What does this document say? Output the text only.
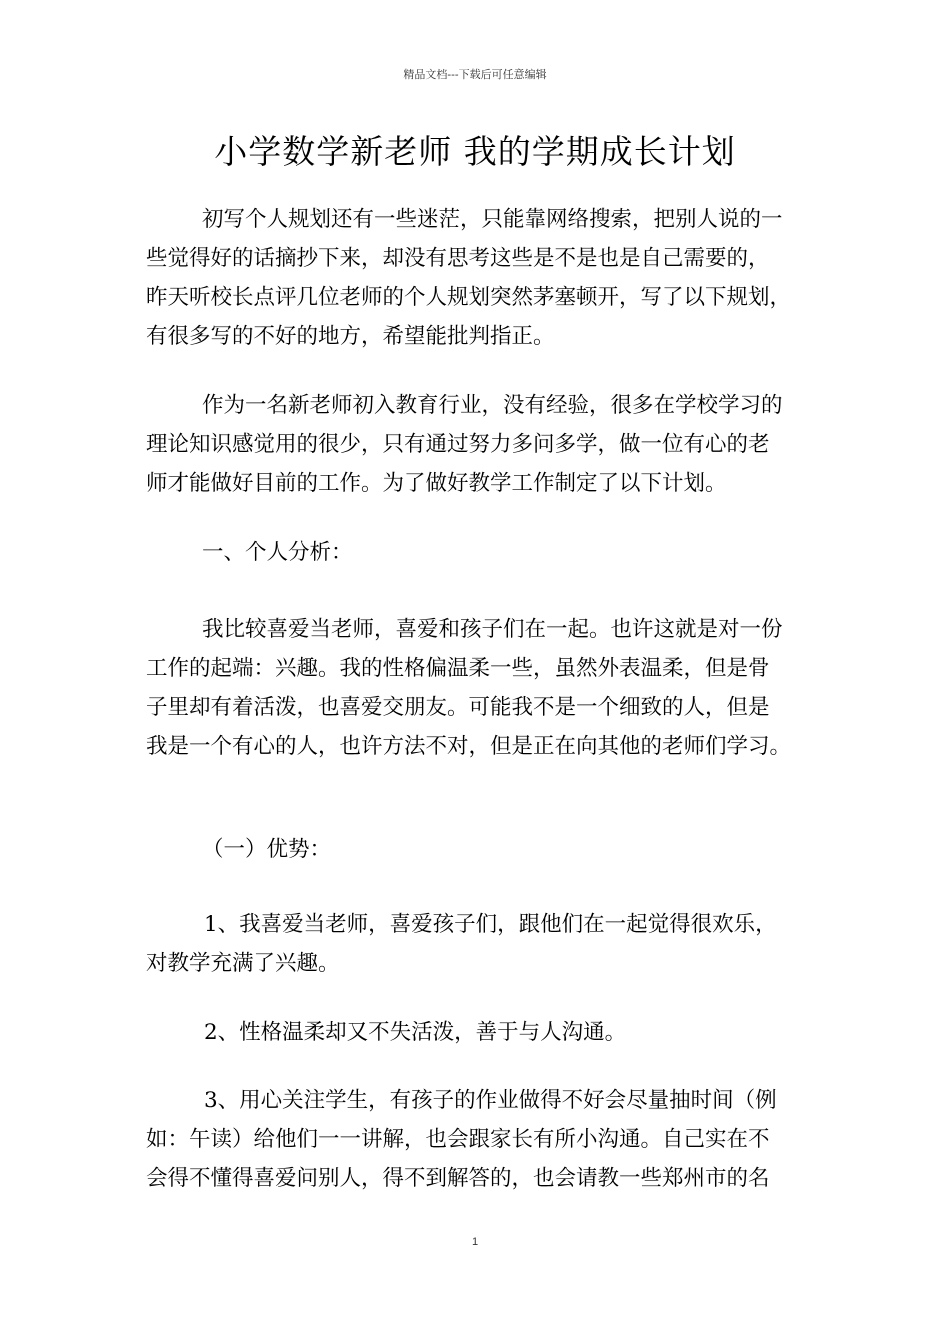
精品文档---下载后可任意编辑
小学数学新老师 我的学期成长计划
初写个人规划还有一些迷茫，只能靠网络搜索，把别人说的一
些觉得好的话摘抄下来，却没有思考这些是不是也是自己需要的，
昨天听校长点评几位老师的个人规划突然茅塞顿开，写了以下规划，
有很多写的不好的地方，希望能批判指正。
作为一名新老师初入教育行业，没有经验，很多在学校学习的
理论知识感觉用的很少，只有通过努力多问多学，做一位有心的老
师才能做好目前的工作。为了做好教学工作制定了以下计划。
一、个人分析：
我比较喜爱当老师，喜爱和孩子们在一起。也许这就是对一份
工作的起端：兴趣。我的性格偏温柔一些，虽然外表温柔，但是骨
子里却有着活泼，也喜爱交朋友。可能我不是一个细致的人，但是
我是一个有心的人，也许方法不对，但是正在向其他的老师们学习。
（一）优势：
1、我喜爱当老师，喜爱孩子们，跟他们在一起觉得很欢乐，
对教学充满了兴趣。
2、性格温柔却又不失活泼，善于与人沟通。
3、用心关注学生，有孩子的作业做得不好会尽量抽时间（例
如：午读）给他们一一讲解，也会跟家长有所小沟通。自己实在不
会得不懂得喜爱问别人，得不到解答的，也会请教一些郑州市的名
1
